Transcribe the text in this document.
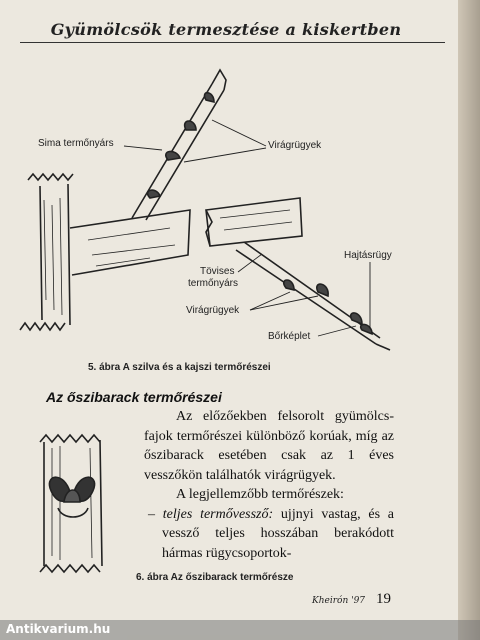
Gyümölcsök termesztése a kiskertben
Sima termőnyárs	Virágrügyek
Hajtásrügy
Tövises
termőnyárs
Virágrügyek
Bőrképlet
5. ábra A szilva és a kajszi termőrészei
Az őszibarack termőrészei

Az előzőekben felsorolt gyümölcs-fajok termőrészei különböző korúak, míg az őszibarack esetében csak az 1 éves vesszőkön találhatók virágrügyek.

A legjellemzőbb termőrészek:

– teljes termővessző: ujjnyi vastag, és a vessző teljes hosszában berakódott hármas rügycsoportok-

6. ábra Az őszibarack termőrésze
Kheirón '97 19
Antikvarium.hu
